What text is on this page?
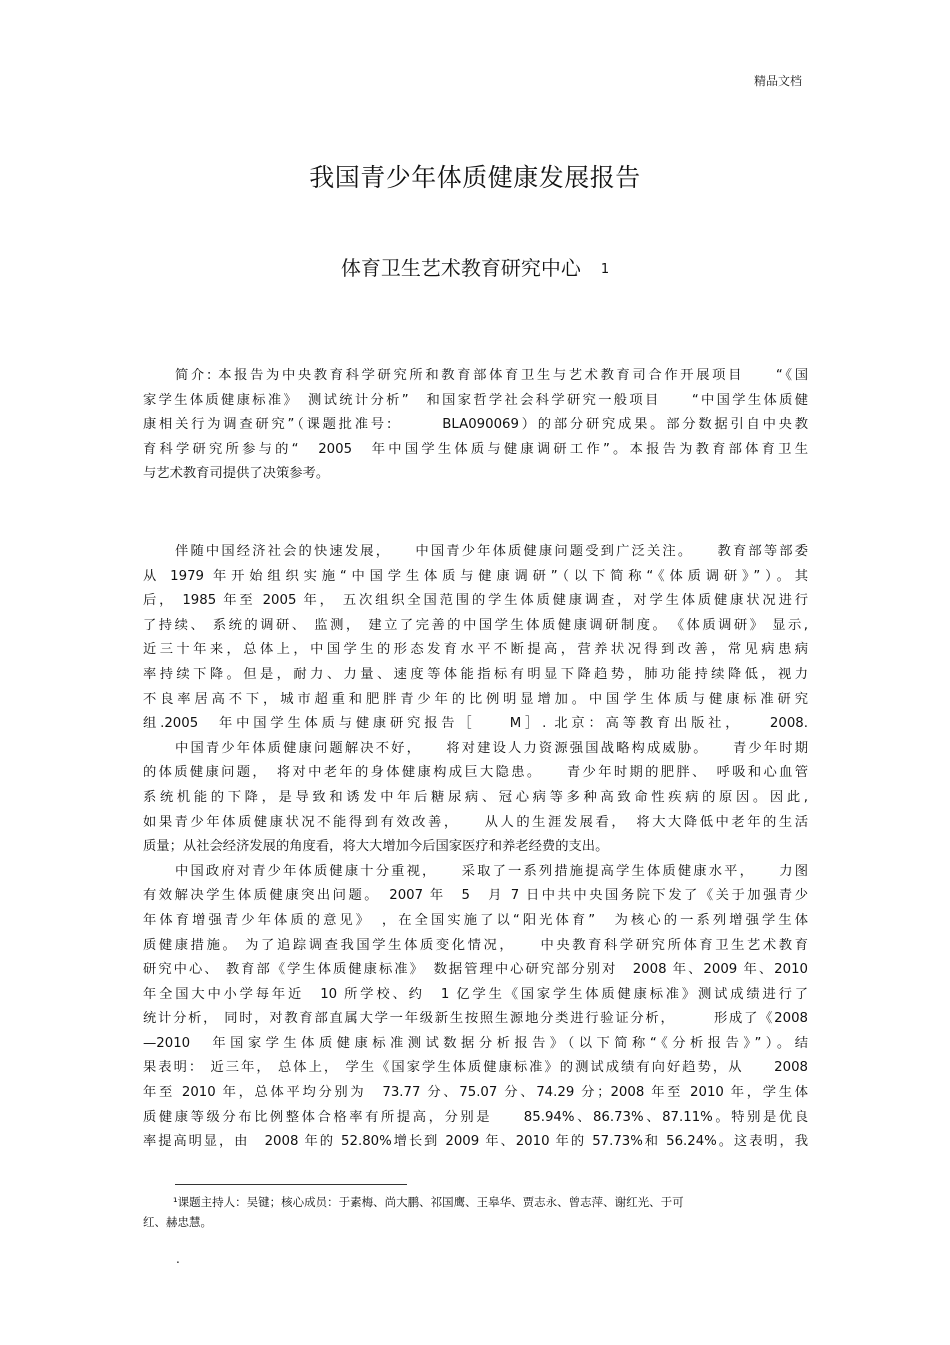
精品文档
我国青少年体质健康发展报告
体育卫生艺术教育研究中心 1
简介: 本报告为中央教育科学研究所和教育部体育卫生与艺术教育司合作开展项目　　“《国
家学生体质健康标准》　测试统计分析”　和国家哲学社会科学研究一般项目　　“中国学生体质健
康相关行为调查研究”（课题批准号:　　　BLA090069）的部分研究成果。部分数据引自中央教
育科学研究所参与的“　2005　年中国学生体质与健康调研工作”。本报告为教育部体育卫生
与艺术教育司提供了决策参考。
伴随中国经济社会的快速发展，　　中国青少年体质健康问题受到广泛关注。　　教育部等部委
从 1979 年开始组织实施“中国学生体质与健康调研”（以下简称“《体质调研》”）。其
后， 1985 年至 2005 年， 五次组织全国范围的学生体质健康调查，对学生体质健康状况进行
了持续、 系统的调研、 监测， 建立了完善的中国学生体质健康调研制度。　《体质调研》 显示,
近三十年来，总体上，中国学生的形态发育水平不断提高，营养状况得到改善，常见病患病
率持续下降。但是，耐力、力量、速度等体能指标有明显下降趋势，肺功能持续降低，视力
不良率居高不下，城市超重和肥胖青少年的比例明显增加。中国学生体质与健康标准研究
组.2005　年中国学生体质与健康研究报告［　　M］. 北京：高等教育出版社，　　2008.
中国青少年体质健康问题解决不好，　　将对建设人力资源强国战略构成威胁。　　青少年时期
的体质健康问题，　将对中老年的身体健康构成巨大隐患。　　青少年时期的肥胖、　呼吸和心血管
系统机能的下降，是导致和诱发中年后糖尿病、冠心病等多种高致命性疾病的原因。因此,
如果青少年体质健康状况不能得到有效改善，　　从人的生涯发展看，　将大大降低中老年的生活
质量；从社会经济发展的角度看，将大大增加今后国家医疗和养老经费的支出。
中国政府对青少年体质健康十分重视，　　采取了一系列措施提高学生体质健康水平，　　力图
有效解决学生体质健康突出问题。　2007 年　5　月 7 日中共中央国务院下发了《关于加强青少
年体育增强青少年体质的意见》　，在全国实施了以“阳光体育”　为核心的一系列增强学生体
质健康措施。 为了追踪调查我国学生体质变化情况，　　中央教育科学研究所体育卫生艺术教育
研究中心、 教育部《学生体质健康标准》　数据管理中心研究部分别对　2008 年、2009 年、2010
年全国大中小学每年近　10 所学校、约　1 亿学生《国家学生体质健康标准》测试成绩进行了
统计分析， 同时，对教育部直属大学一年级新生按照生源地分类进行验证分析，　　　形成了《2008
—2010　年国家学生体质健康标准测试数据分析报告》（以下简称“《分析报告》”）。结
果表明： 近三年， 总体上， 学生《国家学生体质健康标准》的测试成绩有向好趋势，从　　2008
年至 2010 年，总体平均分别为　73.77 分、75.07 分、74.29 分；2008 年至 2010 年，学生体
质健康等级分布比例整体合格率有所提高，分别是　　85.94%、86.73%、87.11%。特别是优良
率提高明显，由　2008 年的 52.80%增长到 2009 年、2010 年的 57.73%和 56.24%。这表明，我
¹课题主持人：吴键；核心成员：于素梅、尚大鹏、祁国鹰、王皋华、贾志永、曾志萍、谢红光、于可
红、赫忠慧。
.
